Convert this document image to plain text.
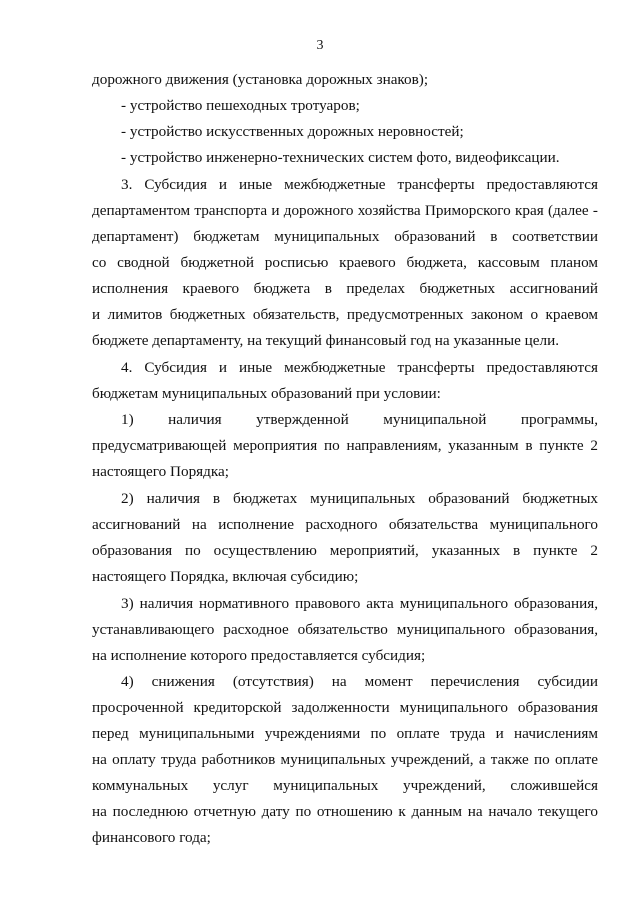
3
дорожного движения (установка дорожных знаков);
- устройство пешеходных тротуаров;
- устройство искусственных дорожных неровностей;
- устройство инженерно-технических систем фото, видеофиксации.
3. Субсидия и иные межбюджетные трансферты предоставляются
департаментом транспорта и дорожного хозяйства Приморского края (далее -
департамент) бюджетам муниципальных образований в соответствии
со сводной бюджетной росписью краевого бюджета, кассовым планом
исполнения краевого бюджета в пределах бюджетных ассигнований
и лимитов бюджетных обязательств, предусмотренных законом о краевом
бюджете департаменту, на текущий финансовый год на указанные цели.
4. Субсидия и иные межбюджетные трансферты предоставляются
бюджетам муниципальных образований при условии:
1) наличия утвержденной муниципальной программы,
предусматривающей мероприятия по направлениям, указанным в пункте 2
настоящего Порядка;
2) наличия в бюджетах муниципальных образований бюджетных
ассигнований на исполнение расходного обязательства муниципального
образования по осуществлению мероприятий, указанных в пункте 2
настоящего Порядка, включая субсидию;
3) наличия нормативного правового акта муниципального образования,
устанавливающего расходное обязательство муниципального образования,
на исполнение которого предоставляется субсидия;
4) снижения (отсутствия) на момент перечисления субсидии
просроченной кредиторской задолженности муниципального образования
перед муниципальными учреждениями по оплате труда и начислениям
на оплату труда работников муниципальных учреждений, а также по оплате
коммунальных услуг муниципальных учреждений, сложившейся
на последнюю отчетную дату по отношению к данным на начало текущего
финансового года;
